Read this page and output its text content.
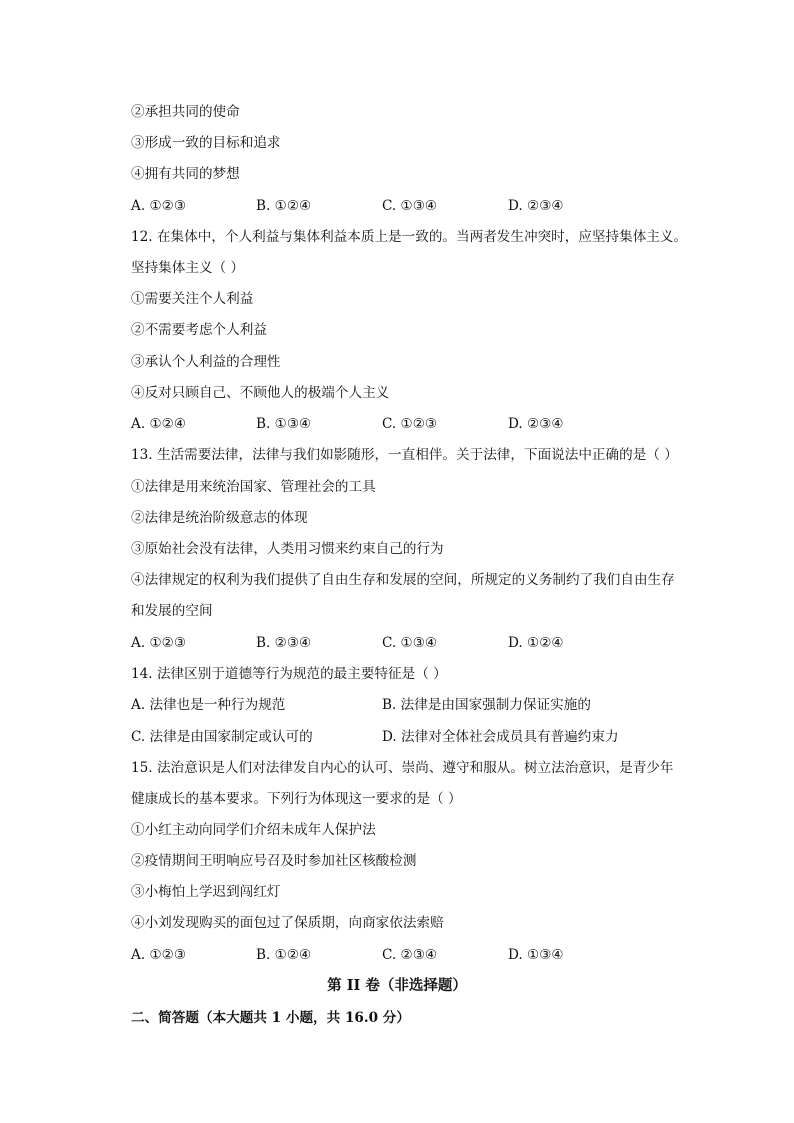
②承担共同的使命
③形成一致的目标和追求
④拥有共同的梦想
A. ①②③	B. ①②④	C. ①③④	D. ②③④
12. 在集体中，个人利益与集体利益本质上是一致的。当两者发生冲突时，应坚持集体主义。
坚持集体主义（ ）
①需要关注个人利益
②不需要考虑个人利益
③承认个人利益的合理性
④反对只顾自己、不顾他人的极端个人主义
A. ①②④	B. ①③④	C. ①②③	D. ②③④
13. 生活需要法律，法律与我们如影随形，一直相伴。关于法律，下面说法中正确的是（ ）
①法律是用来统治国家、管理社会的工具
②法律是统治阶级意志的体现
③原始社会没有法律，人类用习惯来约束自己的行为
④法律规定的权利为我们提供了自由生存和发展的空间，所规定的义务制约了我们自由生存
和发展的空间
A. ①②③	B. ②③④	C. ①③④	D. ①②④
14. 法律区别于道德等行为规范的最主要特征是（ ）
A. 法律也是一种行为规范	B. 法律是由国家强制力保证实施的
C. 法律是由国家制定或认可的	D. 法律对全体社会成员具有普遍约束力
15. 法治意识是人们对法律发自内心的认可、崇尚、遵守和服从。树立法治意识，是青少年
健康成长的基本要求。下列行为体现这一要求的是（ ）
①小红主动向同学们介绍未成年人保护法
②疫情期间王明响应号召及时参加社区核酸检测
③小梅怕上学迟到闯红灯
④小刘发现购买的面包过了保质期，向商家依法索赔
A. ①②③	B. ①②④	C. ②③④	D. ①③④
第 II 卷（非选择题）
二、简答题（本大题共 1 小题，共 16.0 分）
